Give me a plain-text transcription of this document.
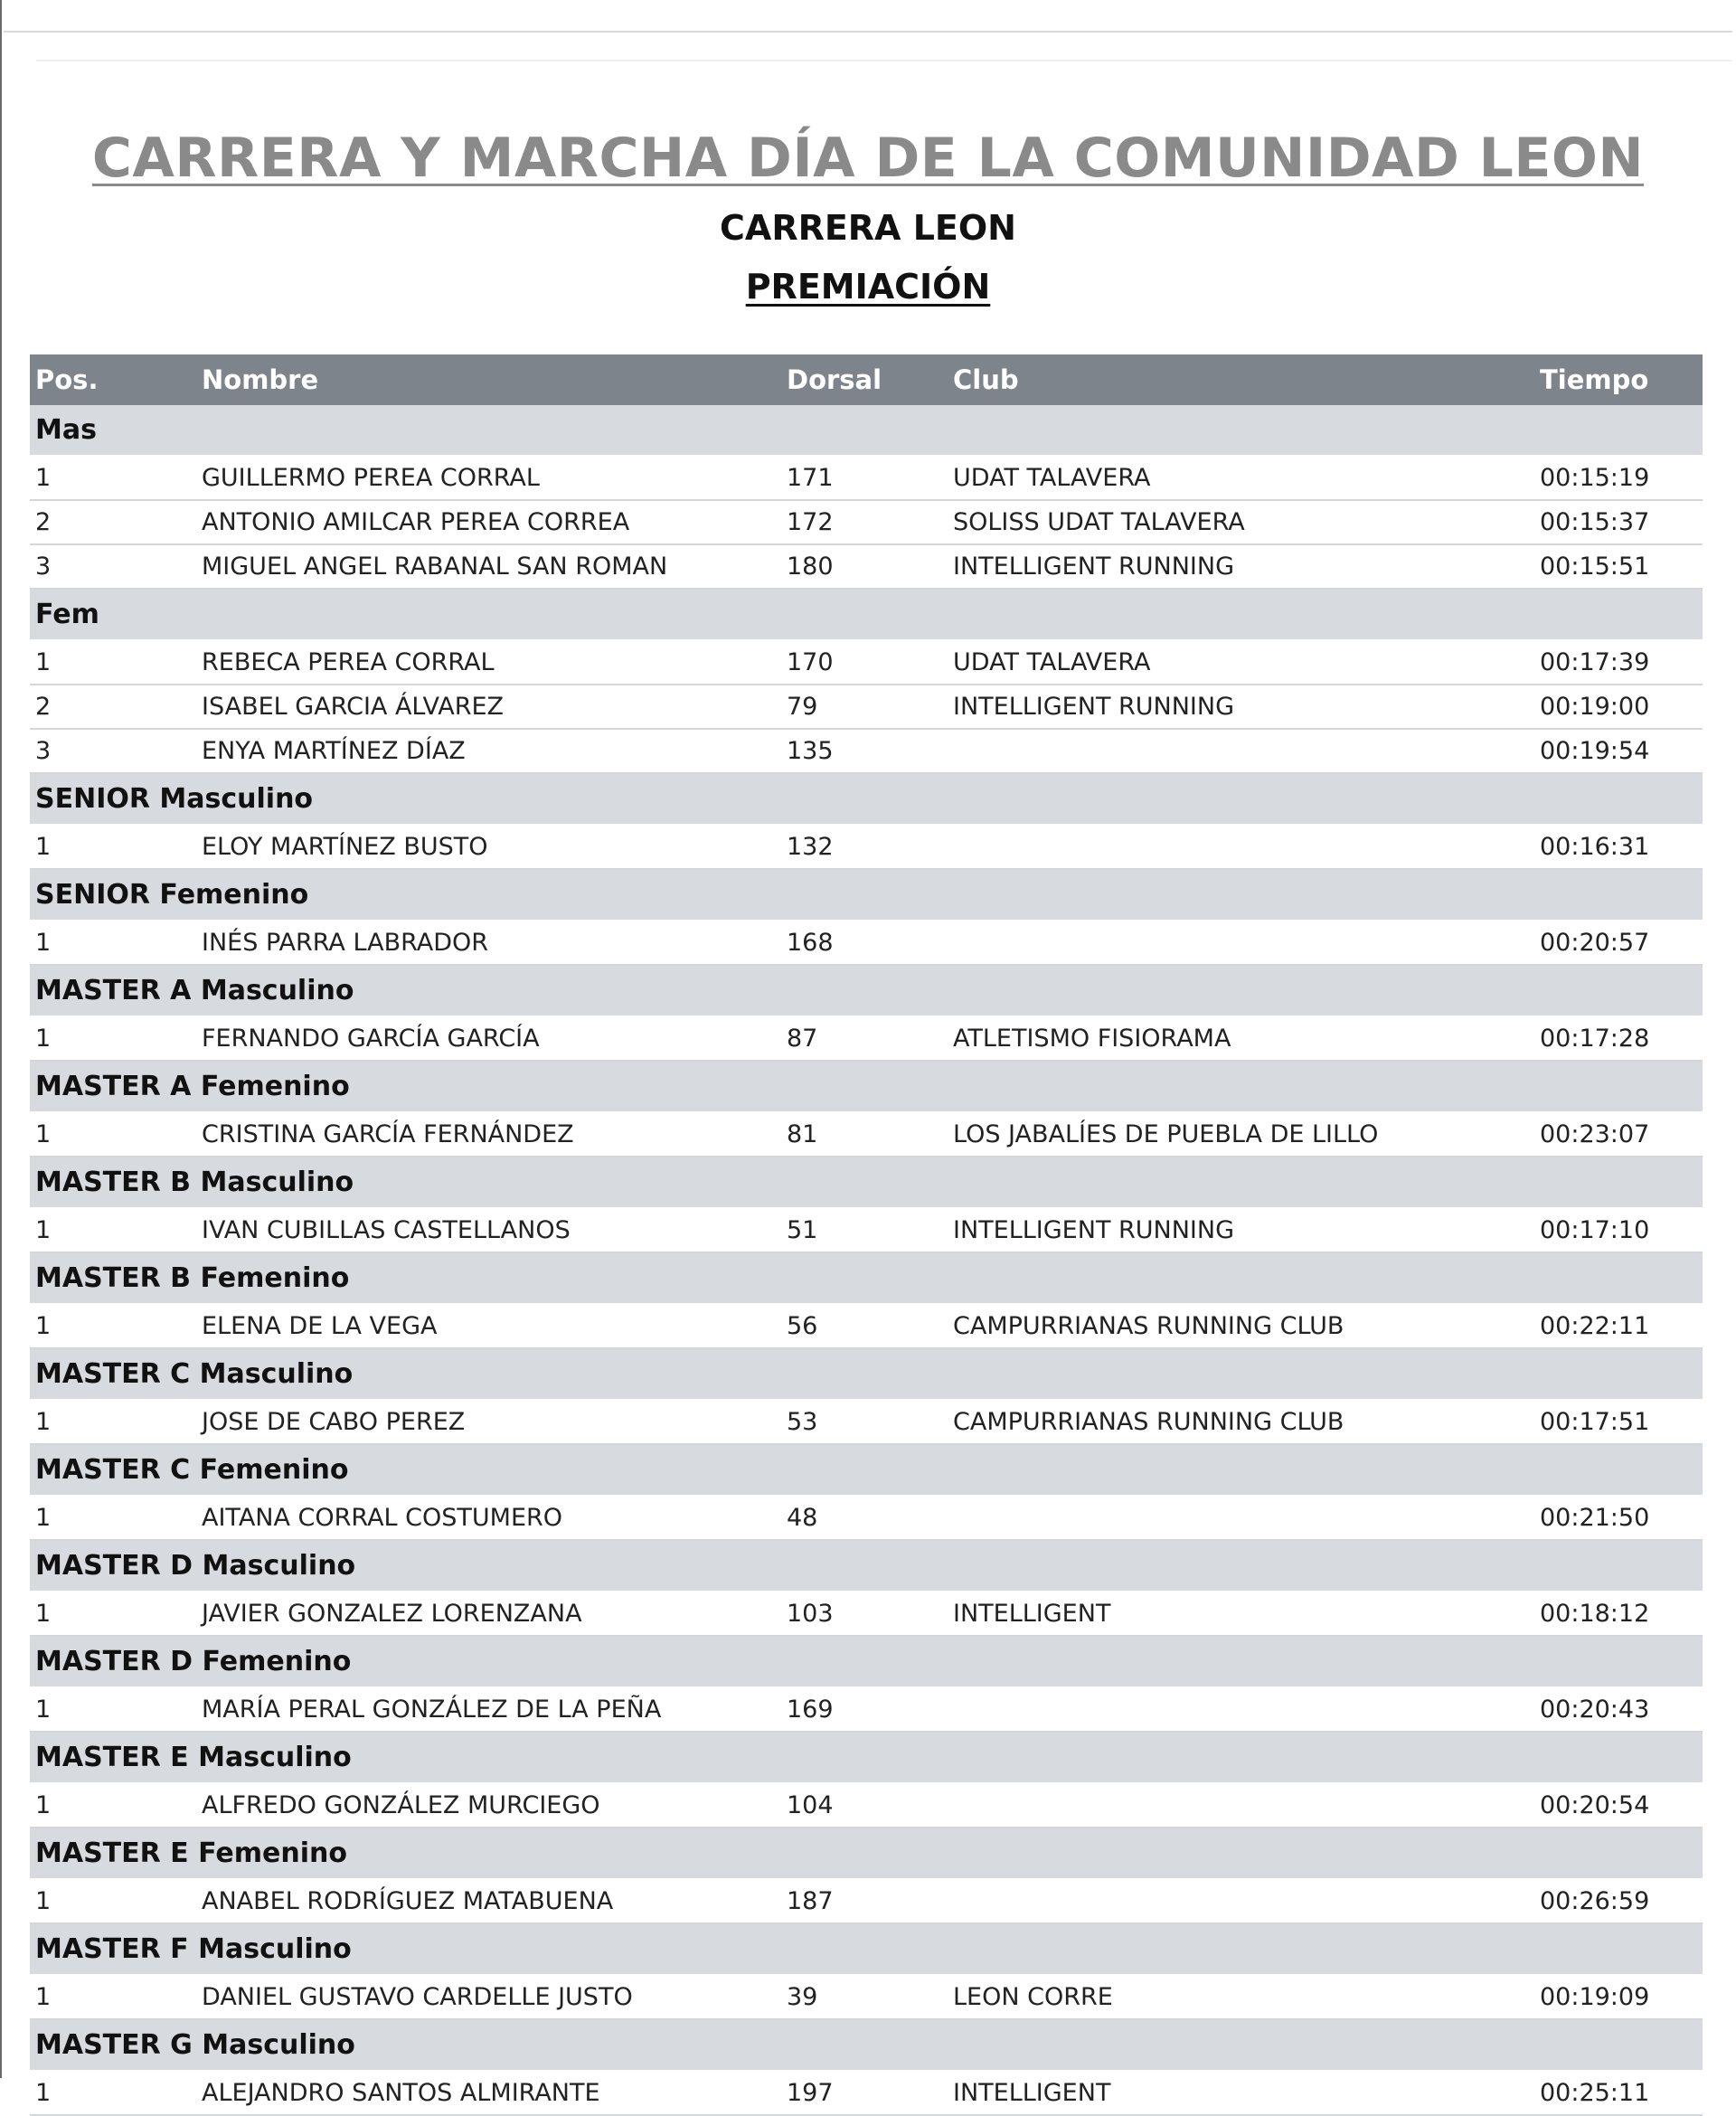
CARRERA Y MARCHA DÍA DE LA COMUNIDAD LEON
CARRERA LEON
PREMIACIÓN
Pos.	Nombre	Dorsal	Club	Tiempo
Mas				
1	GUILLERMO PEREA CORRAL	171	UDAT TALAVERA	00:15:19
2	ANTONIO AMILCAR PEREA CORREA	172	SOLISS UDAT TALAVERA	00:15:37
3	MIGUEL ANGEL RABANAL SAN ROMAN	180	INTELLIGENT RUNNING	00:15:51
Fem				
1	REBECA PEREA CORRAL	170	UDAT TALAVERA	00:17:39
2	ISABEL GARCIA ÁLVAREZ	79	INTELLIGENT RUNNING	00:19:00
3	ENYA MARTÍNEZ DÍAZ	135		00:19:54
SENIOR Masculino				
1	ELOY MARTÍNEZ BUSTO	132		00:16:31
SENIOR Femenino				
1	INÉS PARRA LABRADOR	168		00:20:57
MASTER A Masculino				
1	FERNANDO GARCÍA GARCÍA	87	ATLETISMO FISIORAMA	00:17:28
MASTER A Femenino				
1	CRISTINA GARCÍA FERNÁNDEZ	81	LOS JABALÍES DE PUEBLA DE LILLO	00:23:07
MASTER B Masculino				
1	IVAN CUBILLAS CASTELLANOS	51	INTELLIGENT RUNNING	00:17:10
MASTER B Femenino				
1	ELENA DE LA VEGA	56	CAMPURRIANAS RUNNING CLUB	00:22:11
MASTER C Masculino				
1	JOSE DE CABO PEREZ	53	CAMPURRIANAS RUNNING CLUB	00:17:51
MASTER C Femenino				
1	AITANA CORRAL COSTUMERO	48		00:21:50
MASTER D Masculino				
1	JAVIER GONZALEZ LORENZANA	103	INTELLIGENT	00:18:12
MASTER D Femenino				
1	MARÍA PERAL GONZÁLEZ DE LA PEÑA	169		00:20:43
MASTER E Masculino				
1	ALFREDO GONZÁLEZ MURCIEGO	104		00:20:54
MASTER E Femenino				
1	ANABEL RODRÍGUEZ MATABUENA	187		00:26:59
MASTER F Masculino				
1	DANIEL GUSTAVO CARDELLE JUSTO	39	LEON CORRE	00:19:09
MASTER G Masculino				
1	ALEJANDRO SANTOS ALMIRANTE	197	INTELLIGENT	00:25:11
